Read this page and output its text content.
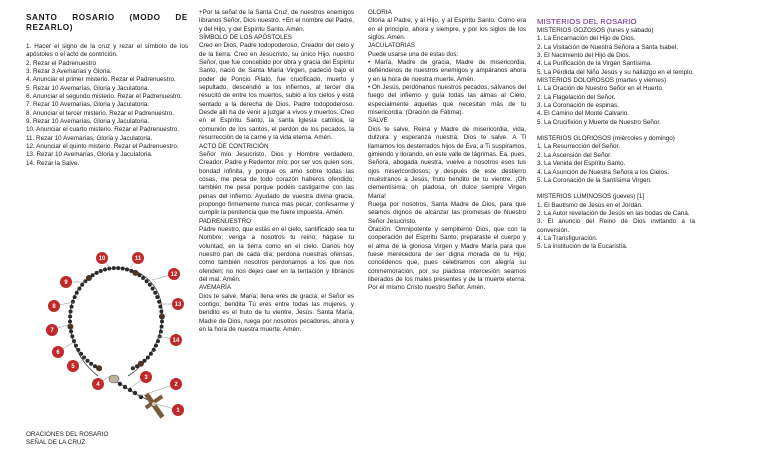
SANTO ROSARIO (MODO DE
REZARLO)

1. Hacer el signo de la cruz y rezar el símbolo de los apóstoles o el acto de contrición.

2. Rezar el Padrenuestro

3. Rezar 3 Avemarías y Gloria.

4. Anunciar el primer misterio. Rezar el Padrenuestro.

5. Rezar 10 Avemarías, Gloria y Jaculatoria.

6. Anunciar el segundo misterio. Rezar el Padrenuestro.

7. Rezar 10 Avemarías, Gloria y Jaculatoria.

8. Anunciar el tercer misterio. Rezar el Padrenuestro.

9. Rezar 10 Avemarías, Gloria y Jaculatoria.

10. Anunciar el cuarto misterio. Rezar el Padrenuestro.

11. Rezar 10 Avemarías, Gloria y Jaculatoria.

12. Anunciar el quinto misterio. Rezar el Padrenuestro.

13. Rezar 10 Avemarías, Gloria y Jaculatoria.

14. Rezar la Salve.

1
2
3
4
5
6
7
8
9
10	11
12
13
14
ORACIONES DEL ROSARIO
SEÑAL DE LA CRUZ

+Por la señal de la Santa Cruz, de nuestros enemigos líbranos Señor, Dios nuestro. +En el nombre del Padre, y del Hijo, y del Espíritu Santo. Amén.

SÍMBOLO DE LOS APÓSTOLES

Creo en Dios, Padre todopoderoso, Creador del cielo y de la tierra. Creo en Jesucristo, su único Hijo, nuestro Señor, que fue concebido por obra y gracia del Espíritu Santo, nació de Santa María Virgen, padeció bajo el poder de Poncio Pilato, fue crucificado, muerto y sepultado, descendió a los infiernos, al tercer día resucitó de entre los muertos, subió a los cielos y está sentado a la derecha de Dios, Padre todopoderoso. Desde allí ha de venir a juzgar a vivos y muertos. Creo en el Espíritu Santo, la santa Iglesia católica, la comunión de los santos, el perdón de los pecados, la resurrección de la carne y la vida eterna. Amén.

ACTO DE CONTRICIÓN

Señor mío Jesucristo, Dios y Hombre verdadero, Creador, Padre y Redentor mío; por ser vos quien sois, bondad infinita, y porque os amo sobre todas las cosas, me pesa de todo corazón haberos ofendido; también me pesa porque podéis castigarme con las penas del infierno. Ayudado de vuestra divina gracia, propongo firmemente nunca más pecar, confesarme y cumplir la penitencia que me fuere impuesta. Amén.

PADRENUESTRO

Padre nuestro, que estás en el cielo, santificado sea tu Nombre; venga a nosotros tu reino; hágase tu voluntad, en la tierra como en el cielo. Danos hoy nuestro pan de cada día; perdona nuestras ofensas, como también nosotros perdonamos a los que nos ofenden; no nos dejes caer en la tentación y líbranos del mal. Amén.

AVEMARÍA

Dios te salve, María; llena eres de gracia; el Señor es contigo; bendita Tú eres entre todas las mujeres, y bendito es el fruto de tu vientre, Jesús. Santa María, Madre de Dios, ruega por nosotros pecadores, ahora y en la hora de nuestra muerte. Amén.

GLORIA

Gloria al Padre, y al Hijo, y al Espíritu Santo. Como era en el principio, ahora y siempre, y por los siglos de los siglos. Amén.

JACULATORIAS

Puede usarse una de estas dos:

• María, Madre de gracia, Madre de misericordia, defiéndenos de nuestros enemigos y ampáranos ahora y en la hora de nuestra muerte. Amén.

• Oh Jesús, perdónanos nuestros pecados, sálvanos del fuego del infierno y guía todas las almas al Cielo, especialmente aquellas que necesitan más de tu misericordia. (Oración de Fátima).

SALVE

Dios te salve, Reina y Madre de misericordia, vida, dulzura y esperanza nuestra; Dios te salve. A Ti llamamos los desterrados hijos de Eva; a Ti suspiramos, gimiendo y llorando, en este valle de lágrimas. Ea, pues, Señora, abogada nuestra, vuelve a nosotros esos tus ojos misericordiosos; y después de este destierro muéstranos a Jesús, fruto bendito de tu vientre. ¡Oh clementísima, oh piadosa, oh dulce siempre Virgen María!

Ruega por nosotros, Santa Madre de Dios, para que seamos dignos de alcanzar las promesas de Nuestro Señor Jesucristo.

Oración. Omnipotente y sempiterno Dios, que con la cooperación del Espíritu Santo, preparaste el cuerpo y el alma de la gloriosa Virgen y Madre María para que fuese merecedora de ser digna morada de tu Hijo; concédenos que, pues celebramos con alegría su conmemoración, por su piadosa intercesión seamos liberados de los males presentes y de la muerte eterna. Por el mismo Cristo nuestro Señor. Amén.

MISTERIOS DEL ROSARIO

MISTERIOS GOZOSOS (lunes y sábado)

1. La Encarnación del Hijo de Dios.

2. La Visitación de Nuestra Señora a Santa Isabel.

3. El Nacimiento del Hijo de Dios.

4. La Purificación de la Virgen Santísima.

5. La Pérdida del Niño Jesús y su hallazgo en el templo.

MISTERIOS DOLOROSOS (martes y viernes)

1. La Oración de Nuestro Señor en el Huerto.

2. La Flagelación del Señor.

3. La Coronación de espinas.

4. El Camino del Monte Calvario.

5. La Crucifixión y Muerte de Nuestro Señor.

MISTERIOS GLORIOSOS (miércoles y domingo)

1. La Resurrección del Señor.

2. La Ascensión del Señor.

3. La Venida del Espíritu Santo.

4. La Asunción de Nuestra Señora a los Cielos.

5. La Coronación de la Santísima Virgen.

MISTERIOS LUMINOSOS (jueves) [1]

1. El Bautismo de Jesús en el Jordán.

2. La Autor revelación de Jesús en las bodas de Caná.

3. El anuncio del Reino de Dios invitando a la conversión.

4. La Transfiguración.

5. La institución de la Eucaristía.
